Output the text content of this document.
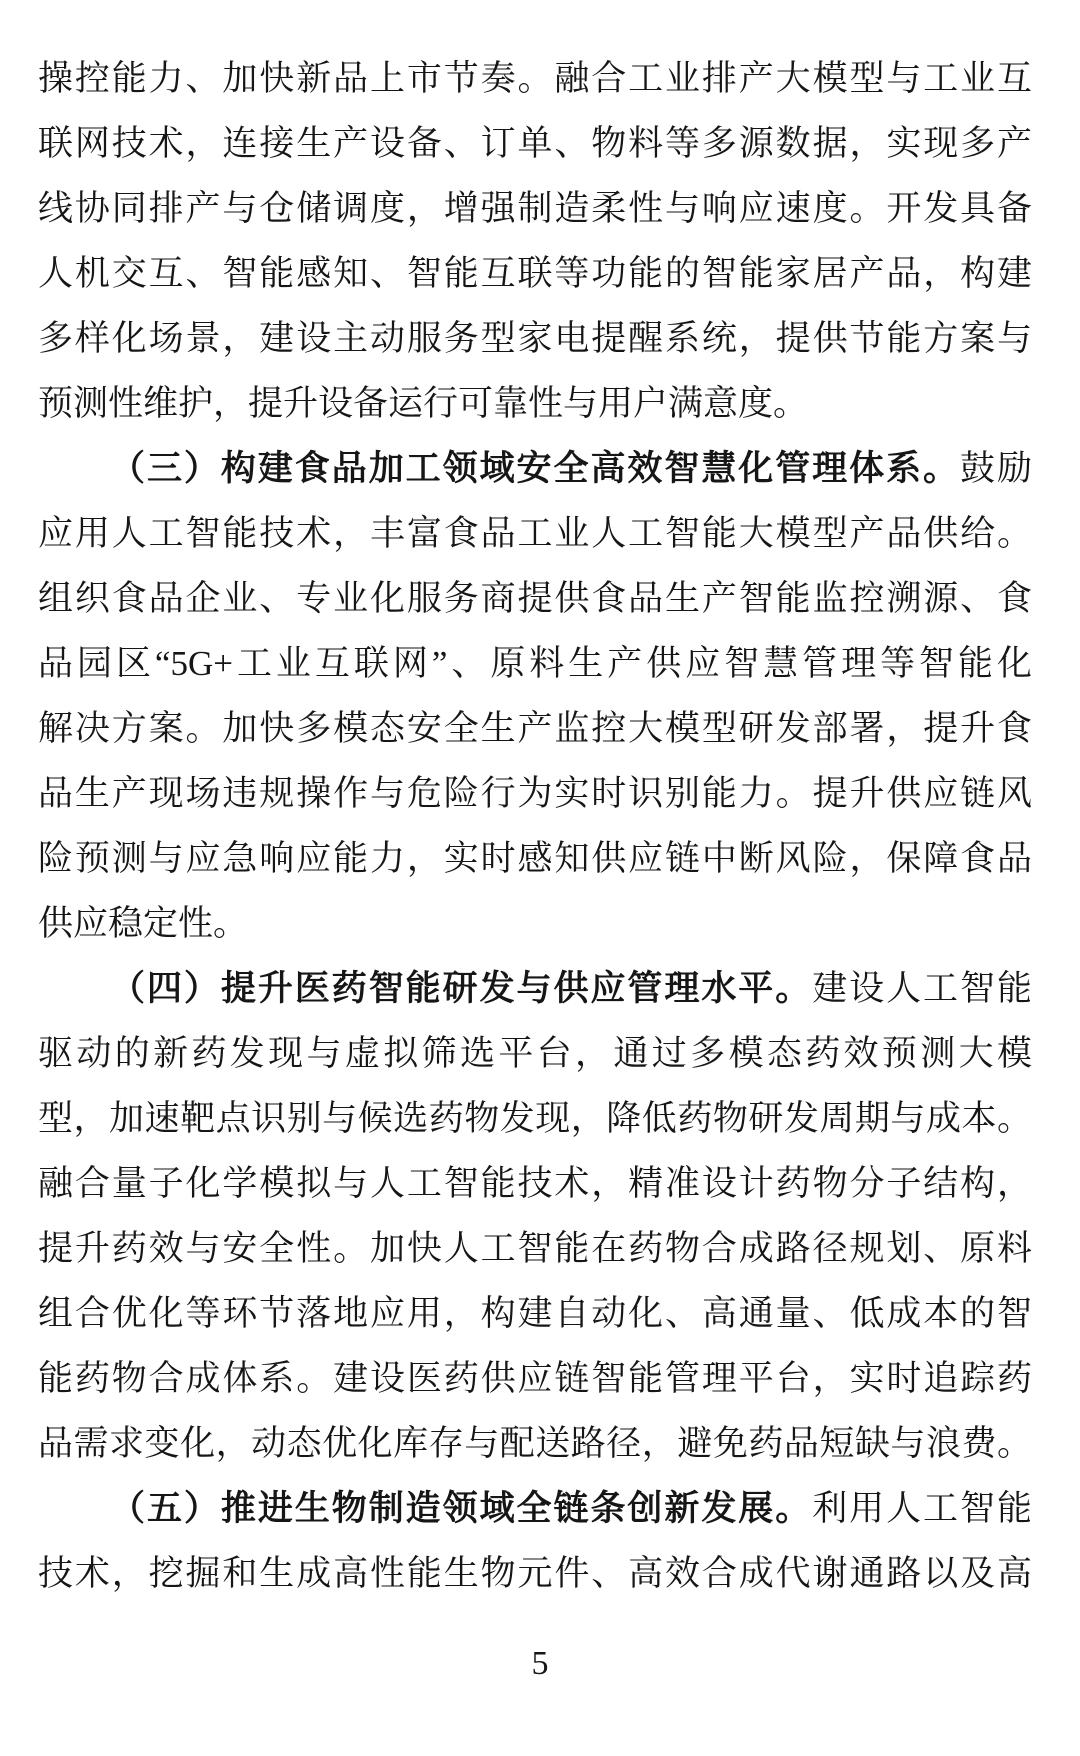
操控能力、加快新品上市节奏。融合工业排产大模型与工业互
联网技术，连接生产设备、订单、物料等多源数据，实现多产
线协同排产与仓储调度，增强制造柔性与响应速度。开发具备
人机交互、智能感知、智能互联等功能的智能家居产品，构建
多样化场景，建设主动服务型家电提醒系统，提供节能方案与
预测性维护，提升设备运行可靠性与用户满意度。
（三）构建食品加工领域安全高效智慧化管理体系。鼓励
应用人工智能技术，丰富食品工业人工智能大模型产品供给。
组织食品企业、专业化服务商提供食品生产智能监控溯源、食
品园区“5G+工业互联网”、原料生产供应智慧管理等智能化
解决方案。加快多模态安全生产监控大模型研发部署，提升食
品生产现场违规操作与危险行为实时识别能力。提升供应链风
险预测与应急响应能力，实时感知供应链中断风险，保障食品
供应稳定性。
（四）提升医药智能研发与供应管理水平。建设人工智能
驱动的新药发现与虚拟筛选平台，通过多模态药效预测大模
型，加速靶点识别与候选药物发现，降低药物研发周期与成本。
融合量子化学模拟与人工智能技术，精准设计药物分子结构，
提升药效与安全性。加快人工智能在药物合成路径规划、原料
组合优化等环节落地应用，构建自动化、高通量、低成本的智
能药物合成体系。建设医药供应链智能管理平台，实时追踪药
品需求变化，动态优化库存与配送路径，避免药品短缺与浪费。
（五）推进生物制造领域全链条创新发展。利用人工智能
技术，挖掘和生成高性能生物元件、高效合成代谢通路以及高
5
